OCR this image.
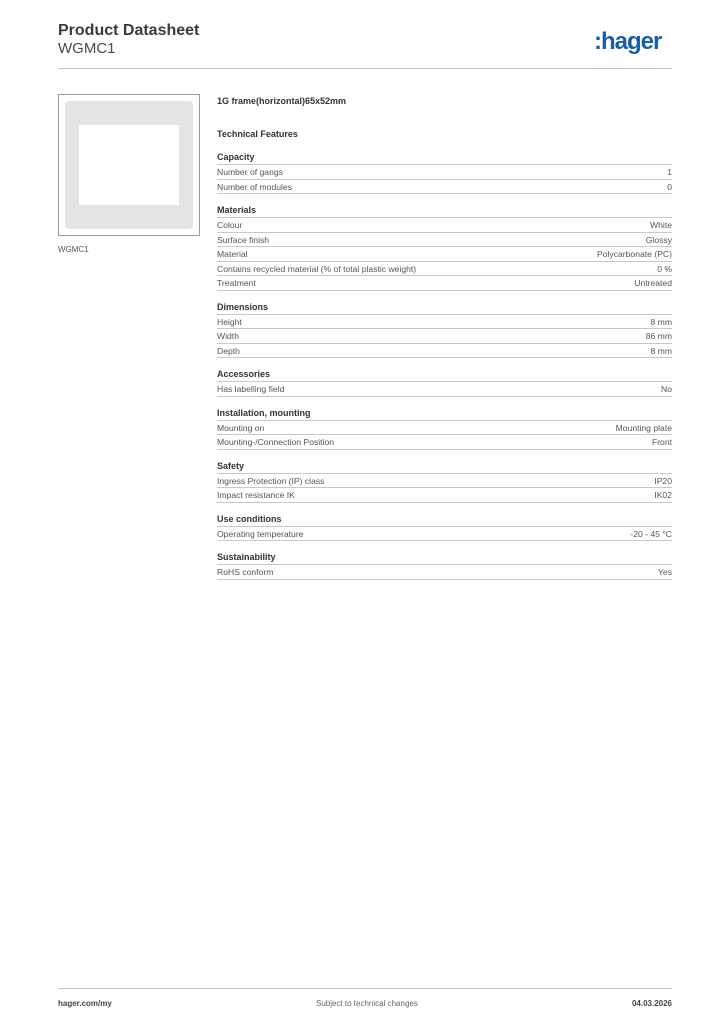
Product Datasheet
WGMC1	:hager
WGMC1
1G frame(horizontal)65x52mm
Technical Features
Capacity
Number of gangs	1
Number of modules	0
Materials
Colour	White
Surface finish	Glossy
Material	Polycarbonate (PC)
Contains recycled material (% of total plastic weight)	0 %
Treatment	Untreated
Dimensions
Height	8 mm
Width	86 mm
Depth	8 mm
Accessories
Has labelling field	No
Installation, mounting
Mounting on	Mounting plate
Mounting-/Connection Position	Front
Safety
Ingress Protection (IP) class	IP20
Impact resistance IK	IK02
Use conditions
Operating temperature	-20 - 45 °C
Sustainability
RoHS conform	Yes
hager.com/my	Subject to technical changes	04.03.2026
